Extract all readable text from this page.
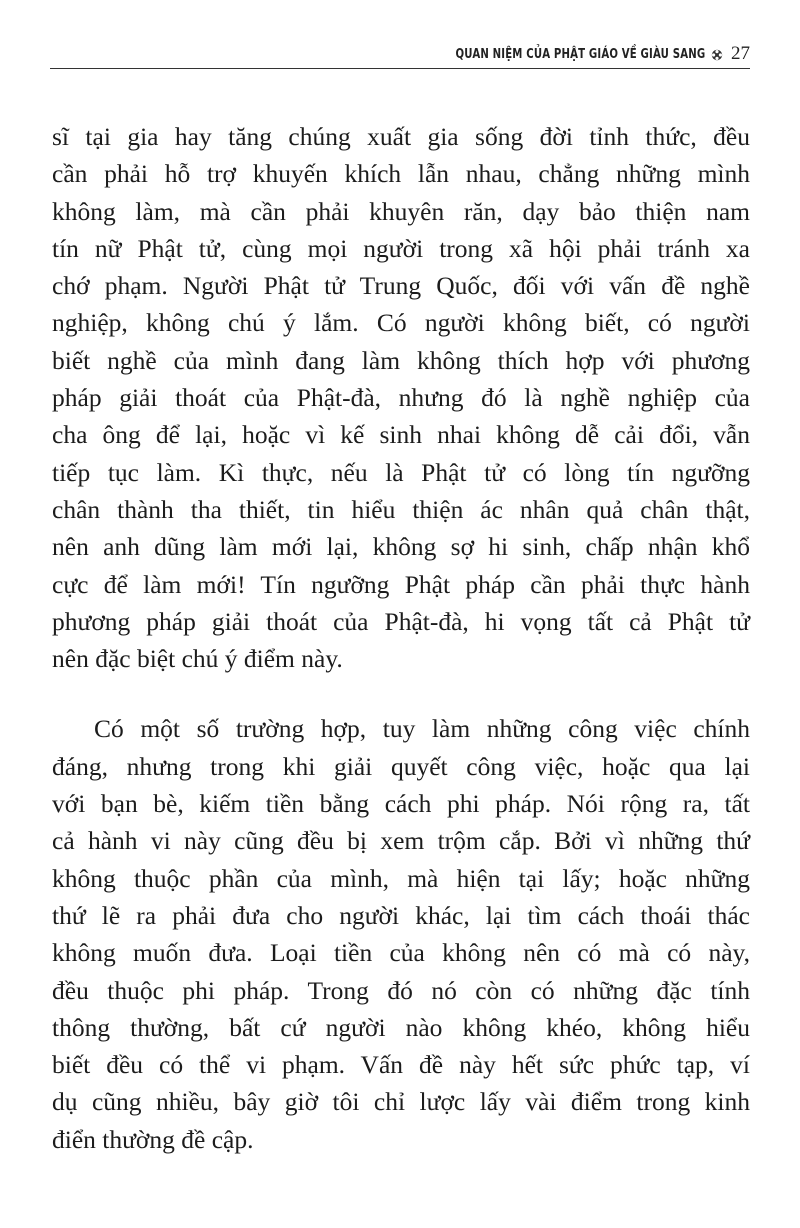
QUAN NIỆM CỦA PHẬT GIÁO VỀ GIÀU SANG 27

sĩ tại gia hay tăng chúng xuất gia sống đời tỉnh thức, đều
cần phải hỗ trợ khuyến khích lẫn nhau, chẳng những mình
không làm, mà cần phải khuyên răn, dạy bảo thiện nam
tín nữ Phật tử, cùng mọi người trong xã hội phải tránh xa
chớ phạm. Người Phật tử Trung Quốc, đối với vấn đề nghề
nghiệp, không chú ý lắm. Có người không biết, có người
biết nghề của mình đang làm không thích hợp với phương
pháp giải thoát của Phật-đà, nhưng đó là nghề nghiệp của
cha ông để lại, hoặc vì kế sinh nhai không dễ cải đổi, vẫn
tiếp tục làm. Kì thực, nếu là Phật tử có lòng tín ngưỡng
chân thành tha thiết, tin hiểu thiện ác nhân quả chân thật,
nên anh dũng làm mới lại, không sợ hi sinh, chấp nhận khổ
cực để làm mới! Tín ngưỡng Phật pháp cần phải thực hành
phương pháp giải thoát của Phật-đà, hi vọng tất cả Phật tử
nên đặc biệt chú ý điểm này.

Có một số trường hợp, tuy làm những công việc chính
đáng, nhưng trong khi giải quyết công việc, hoặc qua lại
với bạn bè, kiếm tiền bằng cách phi pháp. Nói rộng ra, tất
cả hành vi này cũng đều bị xem trộm cắp. Bởi vì những thứ
không thuộc phần của mình, mà hiện tại lấy; hoặc những
thứ lẽ ra phải đưa cho người khác, lại tìm cách thoái thác
không muốn đưa. Loại tiền của không nên có mà có này,
đều thuộc phi pháp. Trong đó nó còn có những đặc tính
thông thường, bất cứ người nào không khéo, không hiểu
biết đều có thể vi phạm. Vấn đề này hết sức phức tạp, ví
dụ cũng nhiều, bây giờ tôi chỉ lược lấy vài điểm trong kinh
điển thường đề cập.
